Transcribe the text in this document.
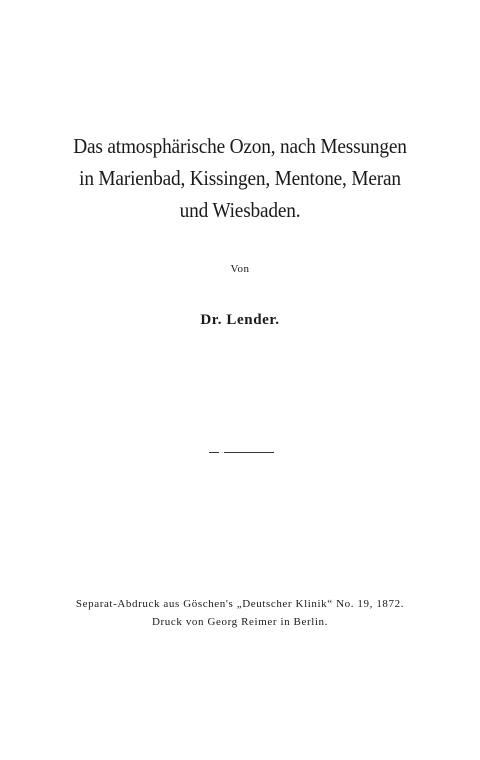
Das atmosphärische Ozon, nach Messungen
in Marienbad, Kissingen, Mentone, Meran
und Wiesbaden.
Von
Dr. Lender.
Separat-Abdruck aus Göschen's „Deutscher Klinik“ No. 19, 1872.
Druck von Georg Reimer in Berlin.
